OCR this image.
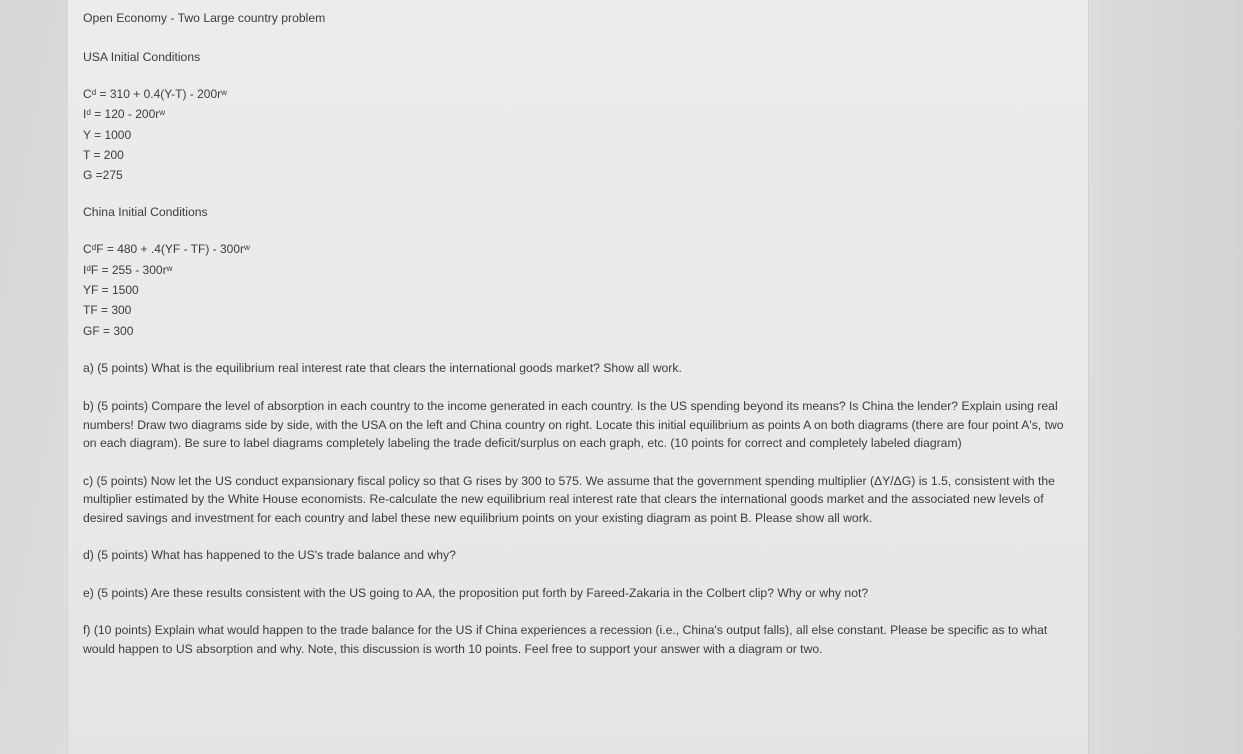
Open Economy - Two Large country problem

USA Initial Conditions

Cᵈ = 310 + 0.4(Y-T) - 200rʷ

Iᵈ = 120 - 200rʷ

Y = 1000

T = 200

G =275

China Initial Conditions

CᵈF = 480 + .4(YF - TF) - 300rʷ

IᵈF = 255 - 300rʷ

YF = 1500

TF = 300

GF = 300

a) (5 points) What is the equilibrium real interest rate that clears the international goods market? Show all work.

b) (5 points) Compare the level of absorption in each country to the income generated in each country. Is the US spending beyond its means? Is China the lender? Explain using real numbers! Draw two diagrams side by side, with the USA on the left and China country on right. Locate this initial equilibrium as points A on both diagrams (there are four point A's, two on each diagram). Be sure to label diagrams completely labeling the trade deficit/surplus on each graph, etc. (10 points for correct and completely labeled diagram)

c) (5 points) Now let the US conduct expansionary fiscal policy so that G rises by 300 to 575. We assume that the government spending multiplier (ΔY/ΔG) is 1.5, consistent with the multiplier estimated by the White House economists. Re-calculate the new equilibrium real interest rate that clears the international goods market and the associated new levels of desired savings and investment for each country and label these new equilibrium points on your existing diagram as point B. Please show all work.

d) (5 points) What has happened to the US's trade balance and why?

e) (5 points) Are these results consistent with the US going to AA, the proposition put forth by Fareed-Zakaria in the Colbert clip? Why or why not?

f) (10 points) Explain what would happen to the trade balance for the US if China experiences a recession (i.e., China's output falls), all else constant. Please be specific as to what would happen to US absorption and why. Note, this discussion is worth 10 points. Feel free to support your answer with a diagram or two.
